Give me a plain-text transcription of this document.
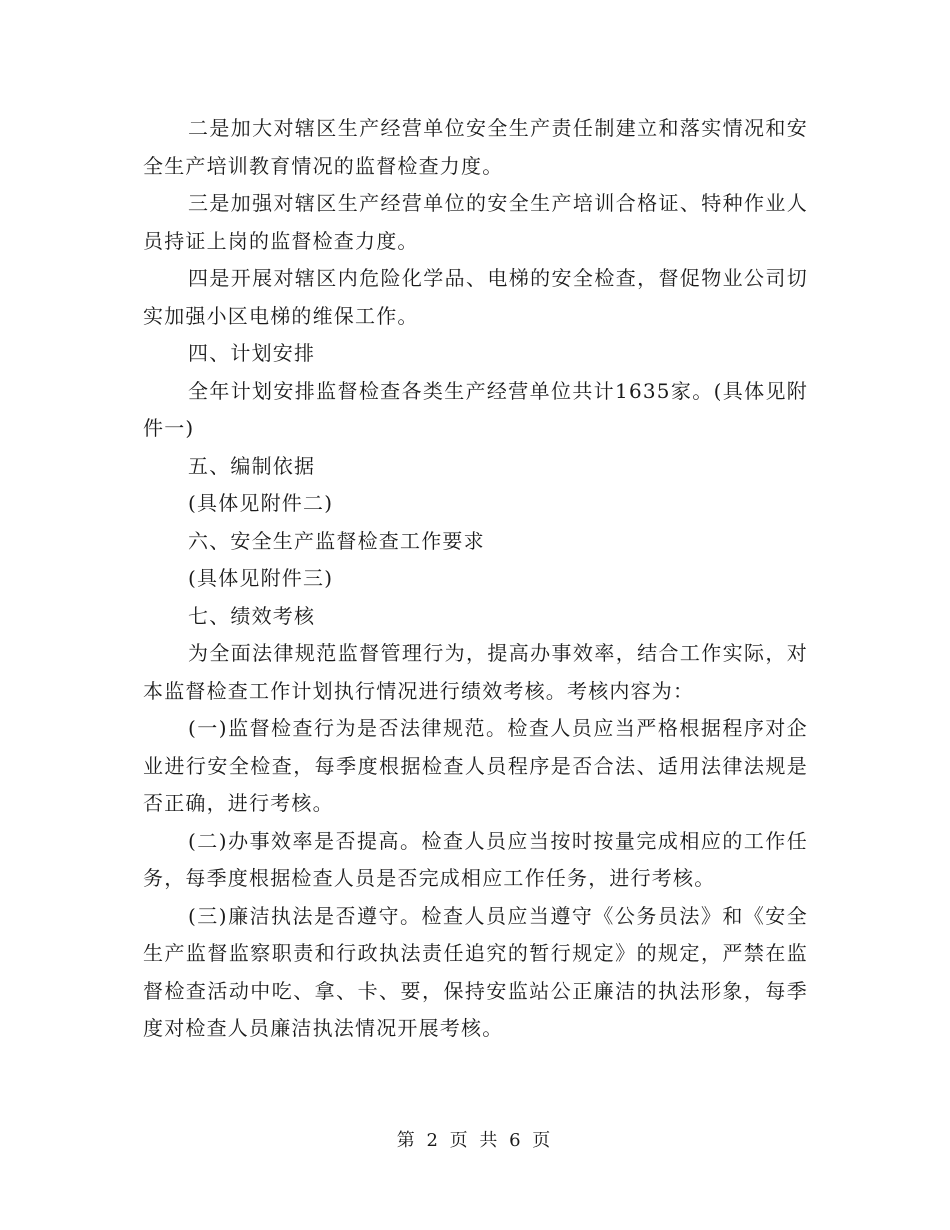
二是加大对辖区生产经营单位安全生产责任制建立和落实情况和安全生产培训教育情况的监督检查力度。

三是加强对辖区生产经营单位的安全生产培训合格证、特种作业人员持证上岗的监督检查力度。

四是开展对辖区内危险化学品、电梯的安全检查，督促物业公司切实加强小区电梯的维保工作。

四、计划安排

全年计划安排监督检查各类生产经营单位共计1635家。(具体见附件一)

五、编制依据

(具体见附件二)

六、安全生产监督检查工作要求

(具体见附件三)

七、绩效考核

为全面法律规范监督管理行为，提高办事效率，结合工作实际，对本监督检查工作计划执行情况进行绩效考核。考核内容为：

(一)监督检查行为是否法律规范。检查人员应当严格根据程序对企业进行安全检查，每季度根据检查人员程序是否合法、适用法律法规是否正确，进行考核。

(二)办事效率是否提高。检查人员应当按时按量完成相应的工作任务，每季度根据检查人员是否完成相应工作任务，进行考核。

(三)廉洁执法是否遵守。检查人员应当遵守《公务员法》和《安全生产监督监察职责和行政执法责任追究的暂行规定》的规定，严禁在监督检查活动中吃、拿、卡、要，保持安监站公正廉洁的执法形象，每季度对检查人员廉洁执法情况开展考核。

第 2 页 共 6 页
